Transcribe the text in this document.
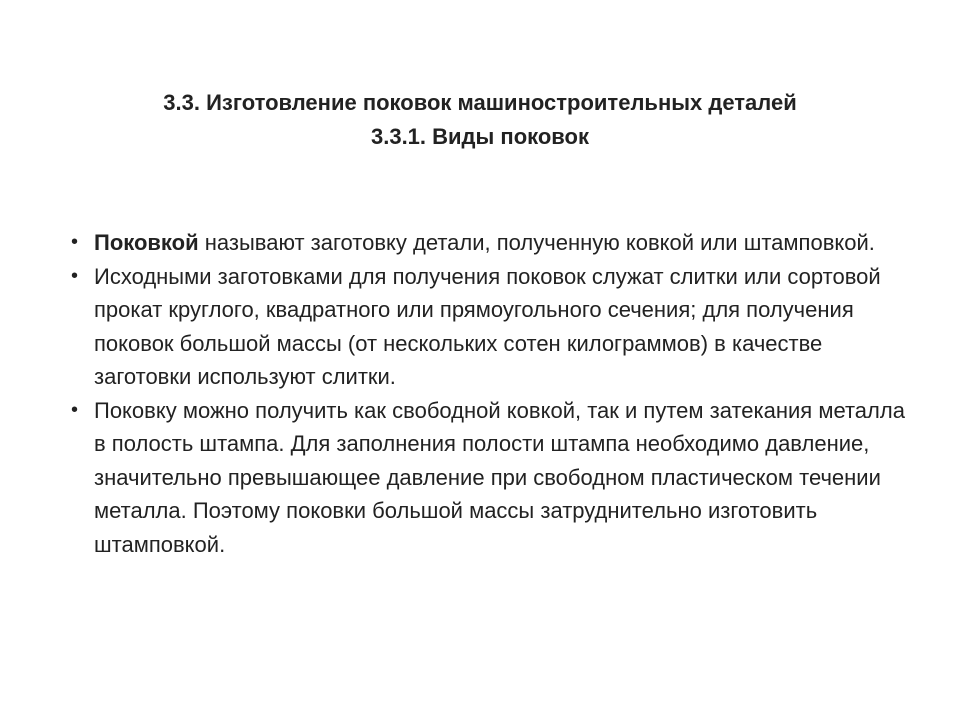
3.3. Изготовление поковок машиностроительных деталей
3.3.1. Виды поковок
• Поковкой называют заготовку детали, полученную ковкой или штамповкой.
• Исходными заготовками для получения поковок служат слитки или сортовой прокат круглого, квадратного или прямоугольного сечения; для получения поковок большой массы (от нескольких сотен килограммов) в качестве заготовки используют слитки.
• Поковку можно получить как свободной ковкой, так и путем затекания металла в полость штампа. Для заполнения полости штампа необходимо давление, значительно превышающее давление при свободном пластическом течении металла. Поэтому поковки большой массы затруднительно изготовить штамповкой.
